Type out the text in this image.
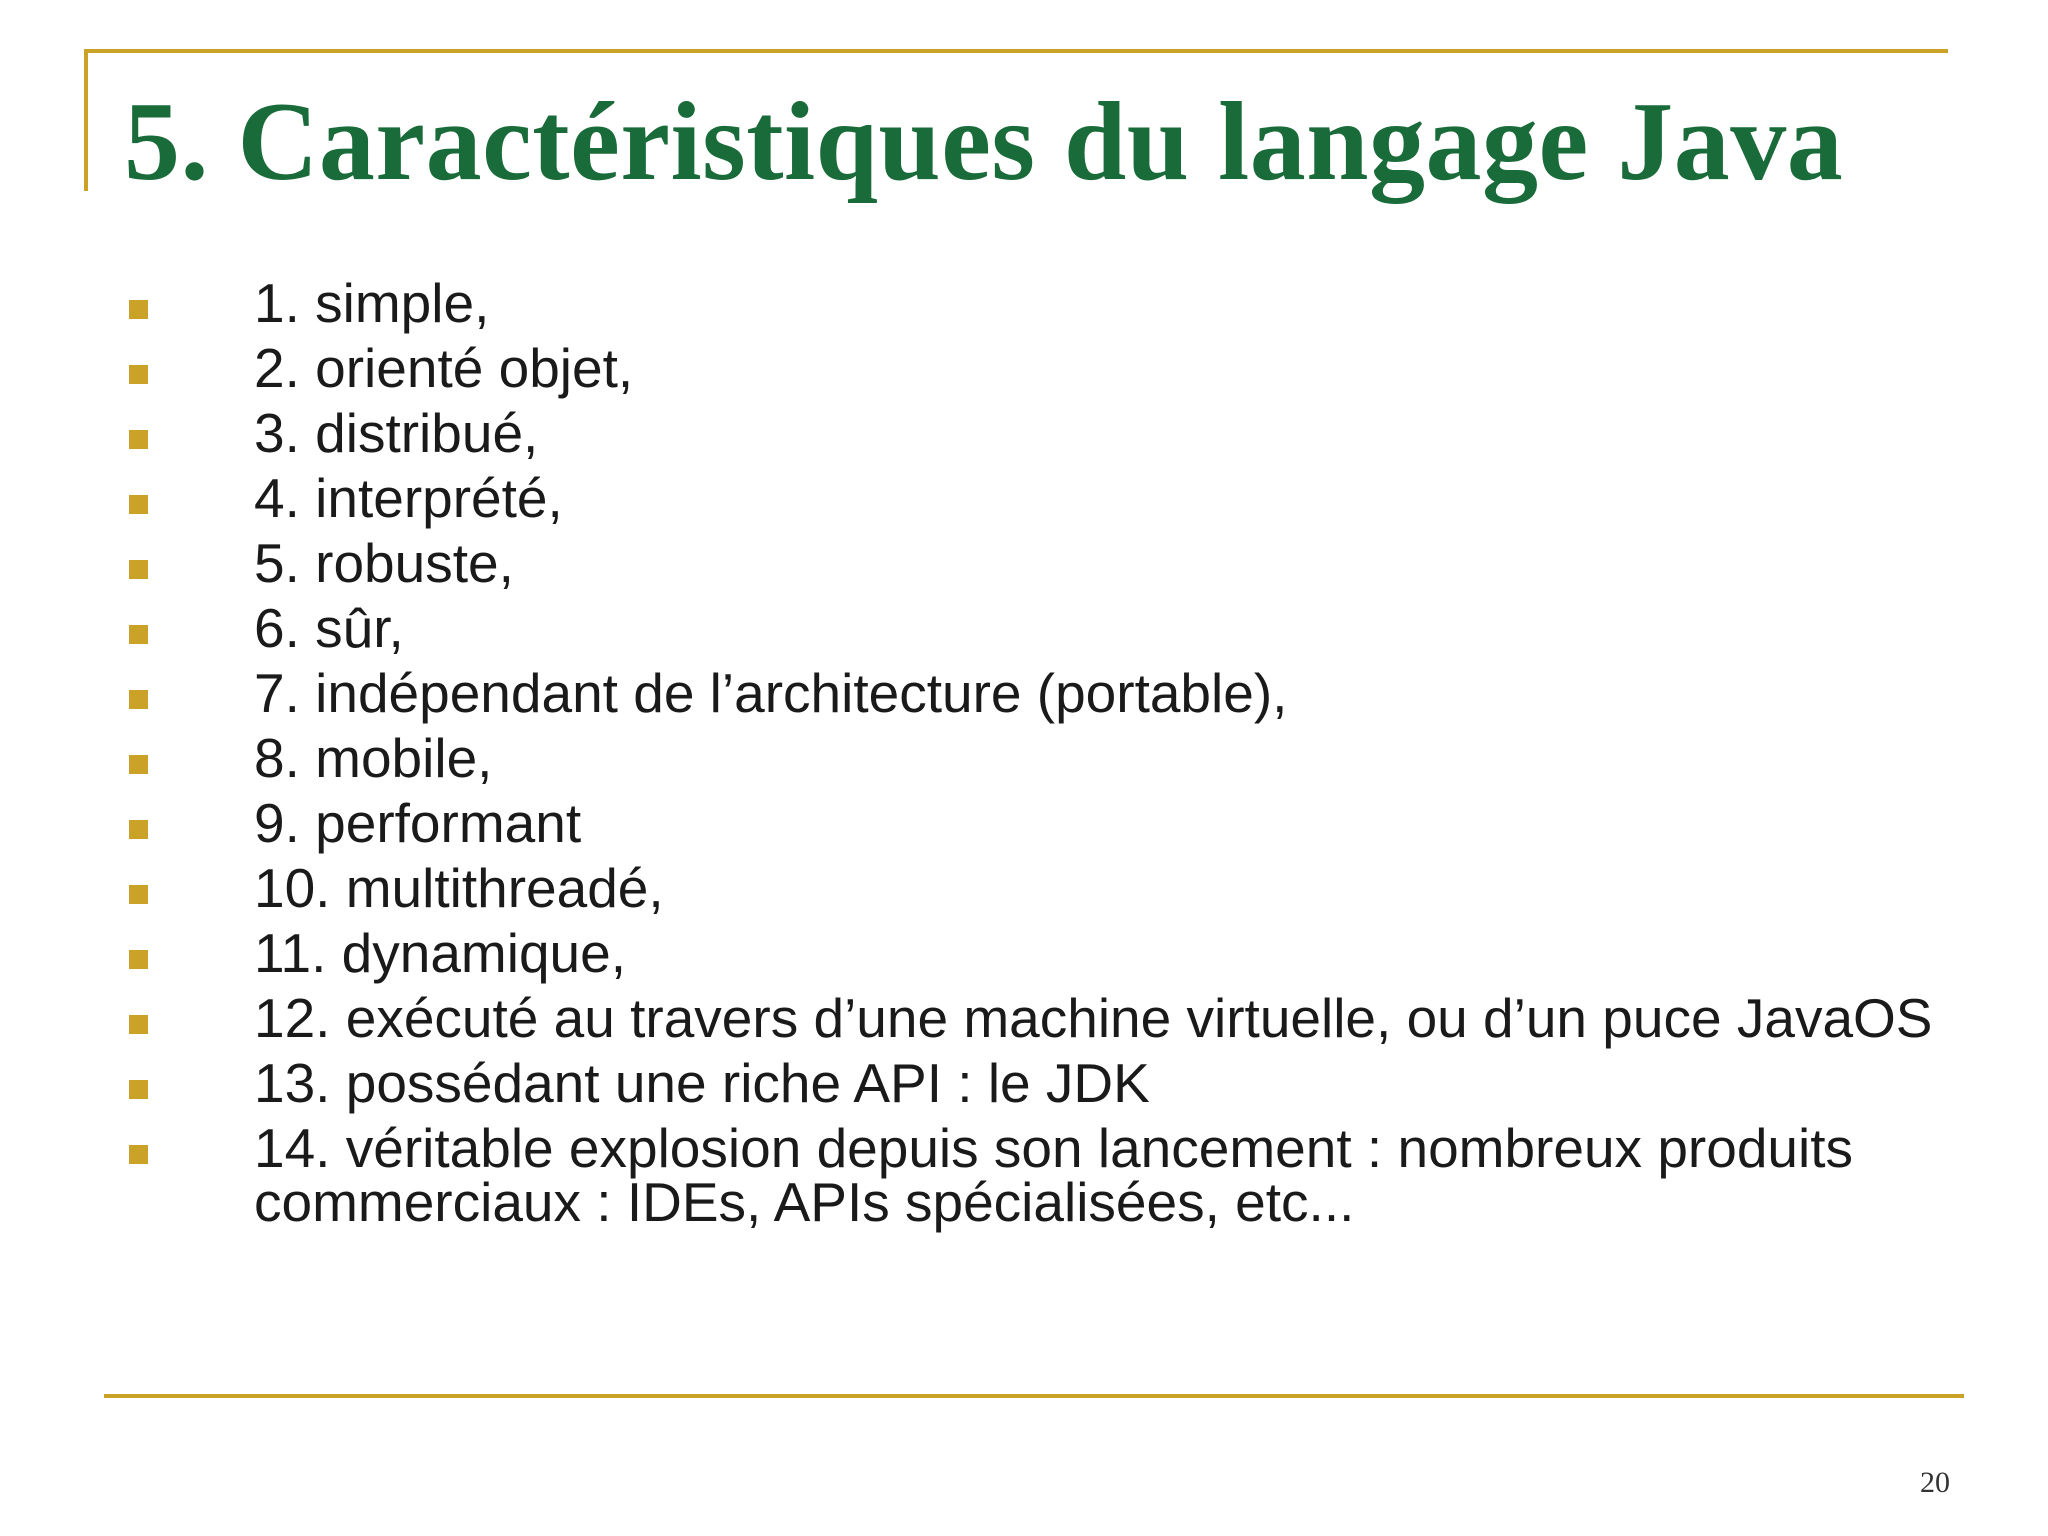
5. Caractéristiques du langage Java
1. simple,
2. orienté objet,
3. distribué,
4. interprété,
5. robuste,
6. sûr,
7. indépendant de l’architecture (portable),
8. mobile,
9. performant
10. multithreadé,
11. dynamique,
12. exécuté au travers d’une machine virtuelle, ou d’un puce JavaOS
13. possédant une riche API : le JDK
14. véritable explosion depuis son lancement : nombreux produits commerciaux : IDEs, APIs spécialisées, etc...
20
